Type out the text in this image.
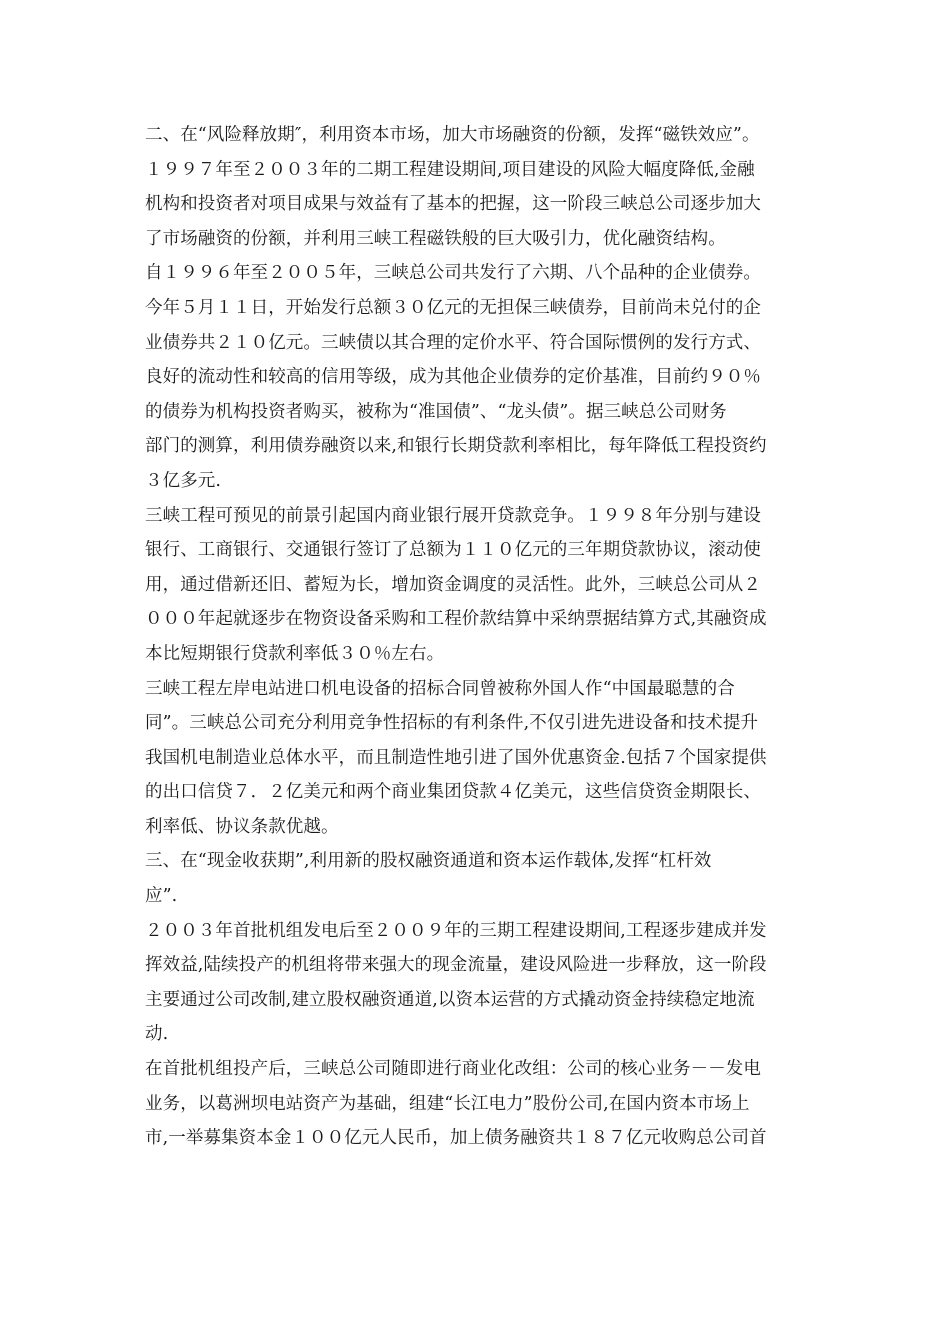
二、在“风险释放期″，利用资本市场，加大市场融资的份额，发挥“磁铁效应”。
１９９７年至２００３年的二期工程建设期间,项目建设的风险大幅度降低,金融
机构和投资者对项目成果与效益有了基本的把握，这一阶段三峡总公司逐步加大
了市场融资的份额，并利用三峡工程磁铁般的巨大吸引力，优化融资结构。
自１９９６年至２００５年，三峡总公司共发行了六期、八个品种的企业债券。
今年５月１１日，开始发行总额３０亿元的无担保三峡债券，目前尚未兑付的企
业债券共２１０亿元。三峡债以其合理的定价水平、符合国际惯例的发行方式、
良好的流动性和较高的信用等级，成为其他企业债券的定价基准，目前约９０％
的债券为机构投资者购买，被称为“准国债”、“龙头债”。据三峡总公司财务
部门的测算，利用债券融资以来,和银行长期贷款利率相比，每年降低工程投资约
３亿多元.
三峡工程可预见的前景引起国内商业银行展开贷款竞争。１９９８年分别与建设
银行、工商银行、交通银行签订了总额为１１０亿元的三年期贷款协议，滚动使
用，通过借新还旧、蓄短为长，增加资金调度的灵活性。此外，三峡总公司从２
０００年起就逐步在物资设备采购和工程价款结算中采纳票据结算方式,其融资成
本比短期银行贷款利率低３０％左右。
三峡工程左岸电站进口机电设备的招标合同曾被称外国人作“中国最聪慧的合
同”。三峡总公司充分利用竞争性招标的有利条件,不仅引进先进设备和技术提升
我国机电制造业总体水平，而且制造性地引进了国外优惠资金.包括７个国家提供
的出口信贷７．２亿美元和两个商业集团贷款４亿美元，这些信贷资金期限长、
利率低、协议条款优越。
三、在“现金收获期”,利用新的股权融资通道和资本运作载体,发挥“杠杆效
应”.
２００３年首批机组发电后至２００９年的三期工程建设期间,工程逐步建成并发
挥效益,陆续投产的机组将带来强大的现金流量，建设风险进一步释放，这一阶段
主要通过公司改制,建立股权融资通道,以资本运营的方式撬动资金持续稳定地流
动.
在首批机组投产后，三峡总公司随即进行商业化改组：公司的核心业务－－发电
业务，以葛洲坝电站资产为基础，组建“长江电力”股份公司,在国内资本市场上
市,一举募集资本金１００亿元人民币，加上债务融资共１８７亿元收购总公司首
